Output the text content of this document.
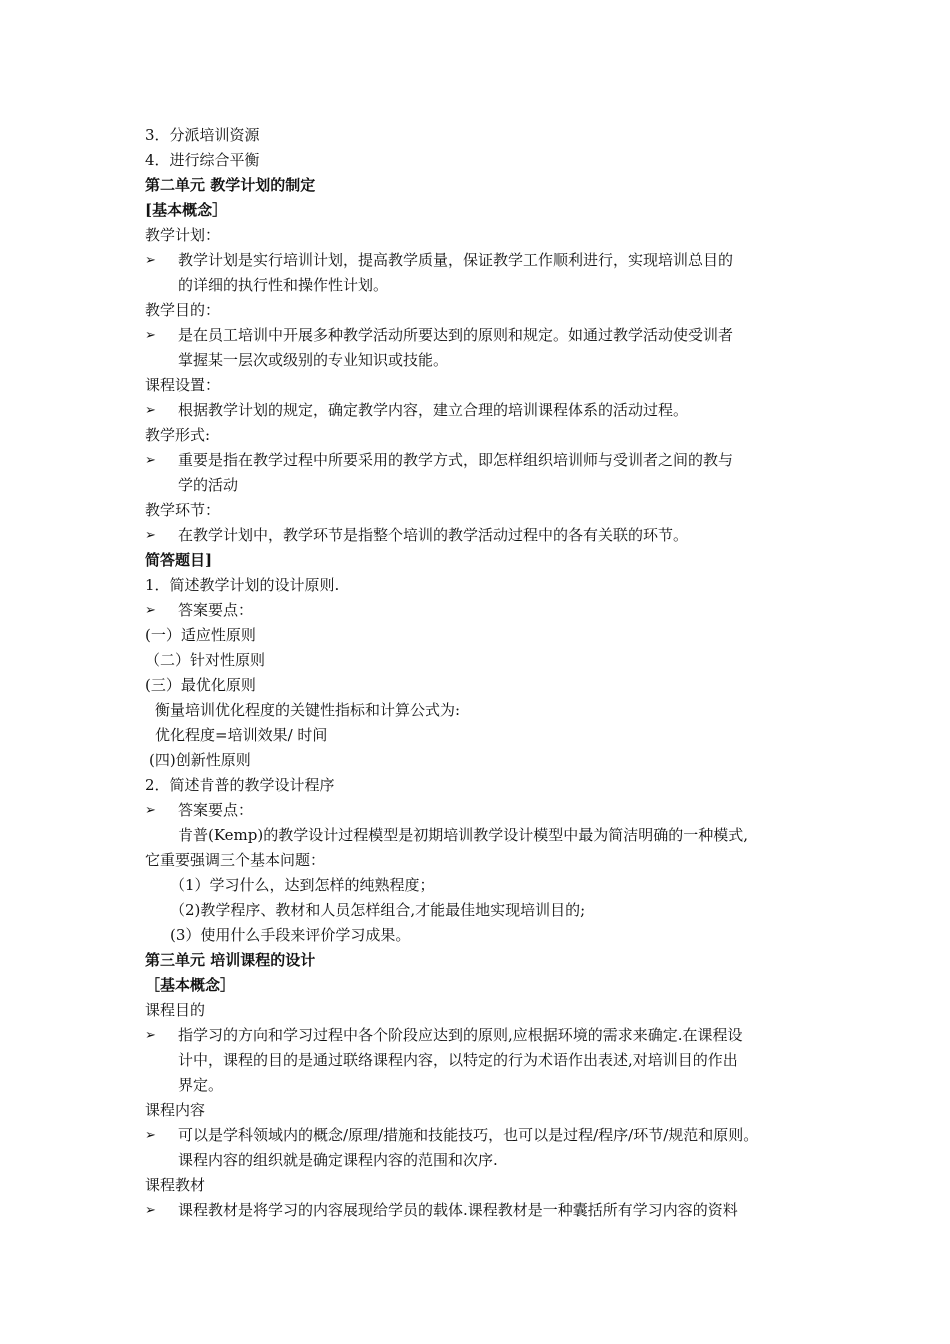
3．分派培训资源
4．进行综合平衡
第二单元 教学计划的制定
[基本概念］
教学计划：
➢	教学计划是实行培训计划，提高教学质量，保证教学工作顺利进行，实现培训总目的
的详细的执行性和操作性计划。
教学目的：
➢	是在员工培训中开展多种教学活动所要达到的原则和规定。如通过教学活动使受训者
掌握某一层次或级别的专业知识或技能。
课程设置：
➢	根据教学计划的规定，确定教学内容，建立合理的培训课程体系的活动过程。
教学形式:
➢	重要是指在教学过程中所要采用的教学方式，即怎样组织培训师与受训者之间的教与
学的活动
教学环节：
➢	在教学计划中，教学环节是指整个培训的教学活动过程中的各有关联的环节。
简答题目]
1．简述教学计划的设计原则.
➢	答案要点：
(一）适应性原则
（二）针对性原则
(三）最优化原则
衡量培训优化程度的关键性指标和计算公式为:
优化程度=培训效果/ 时间
(四)创新性原则
2．简述肯普的教学设计程序
➢	答案要点：
肯普(Kemp)的教学设计过程模型是初期培训教学设计模型中最为简洁明确的一种模式,
它重要强调三个基本问题：
（1）学习什么，达到怎样的纯熟程度；
（2)教学程序、教材和人员怎样组合,才能最佳地实现培训目的;
(3）使用什么手段来评价学习成果。
第三单元 培训课程的设计
［基本概念］
课程目的
➢	指学习的方向和学习过程中各个阶段应达到的原则,应根据环境的需求来确定.在课程设
计中，课程的目的是通过联络课程内容，以特定的行为术语作出表述,对培训目的作出
界定。
课程内容
➢	可以是学科领域内的概念/原理/措施和技能技巧，也可以是过程/程序/环节/规范和原则。
课程内容的组织就是确定课程内容的范围和次序.
课程教材
➢	课程教材是将学习的内容展现给学员的载体.课程教材是一种囊括所有学习内容的资料
